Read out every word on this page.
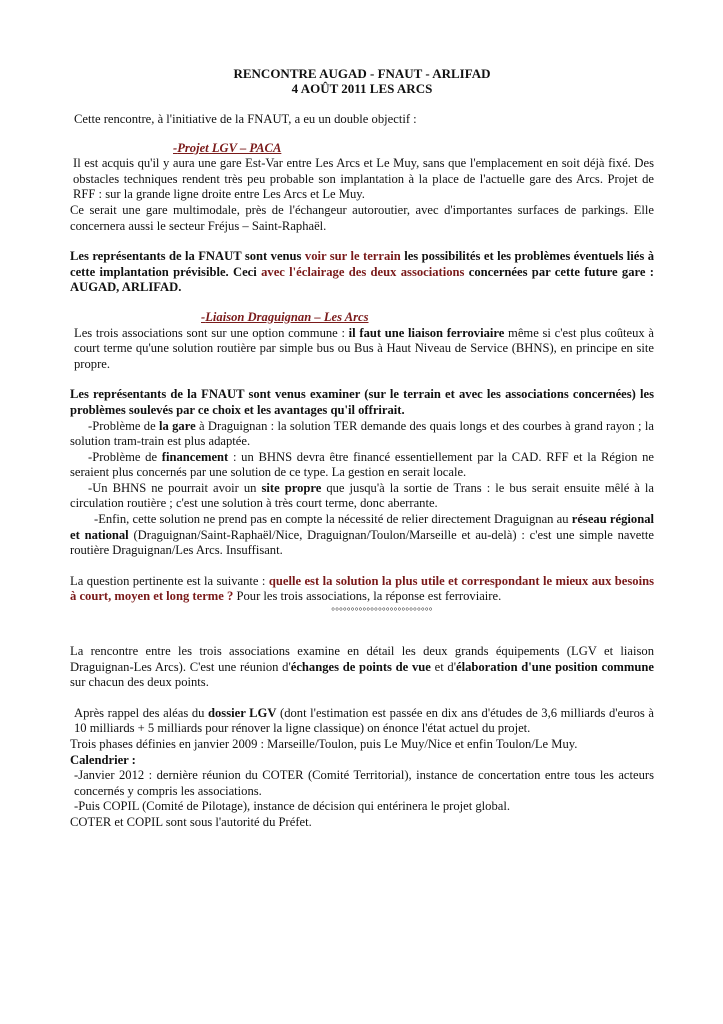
RENCONTRE AUGAD - FNAUT - ARLIFAD
4 AOÛT 2011 LES ARCS

Cette rencontre, à l'initiative de la FNAUT, a eu un double objectif :

-Projet LGV – PACA

Il est acquis qu'il y aura une gare Est-Var entre Les Arcs et Le Muy, sans que l'emplacement en soit déjà fixé. Des obstacles techniques rendent très peu probable son implantation à la place de l'actuelle gare des Arcs. Projet de RFF : sur la grande ligne droite entre Les Arcs et Le Muy.

Ce serait une gare multimodale, près de l'échangeur autoroutier, avec d'importantes surfaces de parkings. Elle concernera aussi le secteur Fréjus – Saint-Raphaël.

Les représentants de la FNAUT sont venus voir sur le terrain les possibilités et les problèmes éventuels liés à cette implantation prévisible. Ceci avec l'éclairage des deux associations concernées par cette future gare : AUGAD, ARLIFAD.

-Liaison Draguignan – Les Arcs

Les trois associations sont sur une option commune : il faut une liaison ferroviaire même si c'est plus coûteux à court terme qu'une solution routière par simple bus ou Bus à Haut Niveau de Service (BHNS), en principe en site propre.

Les représentants de la FNAUT sont venus examiner (sur le terrain et avec les associations concernées) les problèmes soulevés par ce choix et les avantages qu'il offrirait.

-Problème de la gare à Draguignan : la solution TER demande des quais longs et des courbes à grand rayon ; la solution tram-train est plus adaptée.

-Problème de financement : un BHNS devra être financé essentiellement par la CAD. RFF et la Région ne seraient plus concernés par une solution de ce type. La gestion en serait locale.

-Un BHNS ne pourrait avoir un site propre que jusqu'à la sortie de Trans : le bus serait ensuite mêlé à la circulation routière ; c'est une solution à très court terme, donc aberrante.

-Enfin, cette solution ne prend pas en compte la nécessité de relier directement Draguignan au réseau régional et national (Draguignan/Saint-Raphaël/Nice, Draguignan/Toulon/Marseille et au-delà) : c'est une simple navette routière Draguignan/Les Arcs. Insuffisant.

La question pertinente est la suivante : quelle est la solution la plus utile et correspondant le mieux aux besoins à court, moyen et long terme ? Pour les trois associations, la réponse est ferroviaire.

°°°°°°°°°°°°°°°°°°°°°°°°°°

La rencontre entre les trois associations examine en détail les deux grands équipements (LGV et liaison Draguignan-Les Arcs). C'est une réunion d'échanges de points de vue et d'élaboration d'une position commune sur chacun des deux points.

Après rappel des aléas du dossier LGV (dont l'estimation est passée en dix ans d'études de 3,6 milliards d'euros à 10 milliards + 5 milliards pour rénover la ligne classique) on énonce l'état actuel du projet.

Trois phases définies en janvier 2009 : Marseille/Toulon, puis Le Muy/Nice et enfin Toulon/Le Muy.

Calendrier :

-Janvier 2012 : dernière réunion du COTER (Comité Territorial), instance de concertation entre tous les acteurs concernés y compris les associations.

-Puis COPIL (Comité de Pilotage), instance de décision qui entérinera le projet global.

COTER et COPIL sont sous l'autorité du Préfet.
